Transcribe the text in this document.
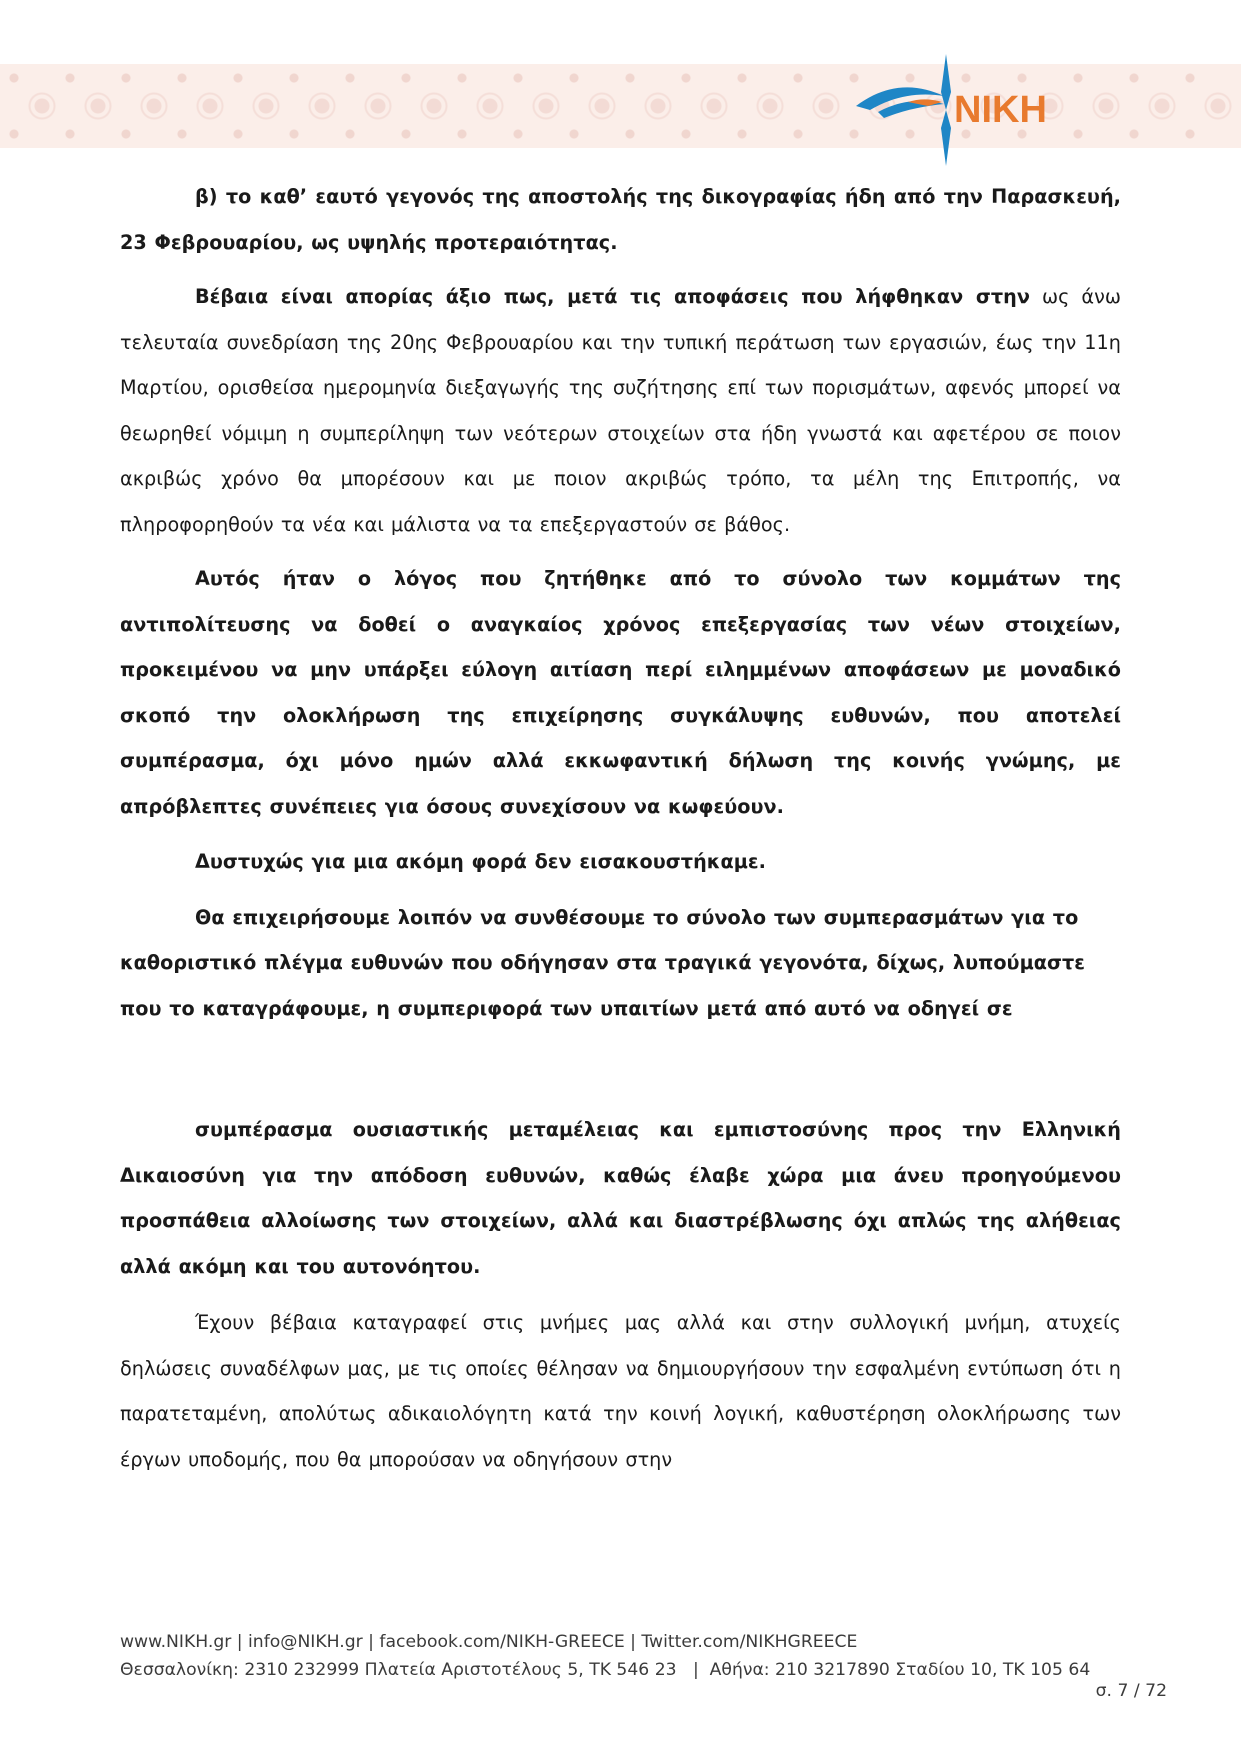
NIKH

β) το καθ’ εαυτό γεγονός της αποστολής της δικογραφίας ήδη από την Παρασκευή, 23 Φεβρουαρίου, ως υψηλής προτεραιότητας.

Βέβαια είναι απορίας άξιο πως, μετά τις αποφάσεις που λήφθηκαν στην ως άνω τελευταία συνεδρίαση της 20ης Φεβρουαρίου και την τυπική περάτωση των εργασιών, έως την 11η Μαρτίου, ορισθείσα ημερομηνία διεξαγωγής της συζήτησης επί των πορισμάτων, αφενός μπορεί να θεωρηθεί νόμιμη η συμπερίληψη των νεότερων στοιχείων στα ήδη γνωστά και αφετέρου σε ποιον ακριβώς χρόνο θα μπορέσουν και με ποιον ακριβώς τρόπο, τα μέλη της Επιτροπής, να πληροφορηθούν τα νέα και μάλιστα να τα επεξεργαστούν σε βάθος.

Αυτός ήταν ο λόγος που ζητήθηκε από το σύνολο των κομμάτων της αντιπολίτευσης να δοθεί ο αναγκαίος χρόνος επεξεργασίας των νέων στοιχείων, προκειμένου να μην υπάρξει εύλογη αιτίαση περί ειλημμένων αποφάσεων με μοναδικό σκοπό την ολοκλήρωση της επιχείρησης συγκάλυψης ευθυνών, που αποτελεί συμπέρασμα, όχι μόνο ημών αλλά εκκωφαντική δήλωση της κοινής γνώμης, με απρόβλεπτες συνέπειες για όσους συνεχίσουν να κωφεύουν.

Δυστυχώς για μια ακόμη φορά δεν εισακουστήκαμε.

Θα επιχειρήσουμε λοιπόν να συνθέσουμε το σύνολο των συμπερασμάτων για το καθοριστικό πλέγμα ευθυνών που οδήγησαν στα τραγικά γεγονότα, δίχως, λυπούμαστε που το καταγράφουμε, η συμπεριφορά των υπαιτίων μετά από αυτό να οδηγεί σε

συμπέρασμα ουσιαστικής μεταμέλειας και εμπιστοσύνης προς την Ελληνική Δικαιοσύνη για την απόδοση ευθυνών, καθώς έλαβε χώρα μια άνευ προηγούμενου προσπάθεια αλλοίωσης των στοιχείων, αλλά και διαστρέβλωσης όχι απλώς της αλήθειας αλλά ακόμη και του αυτονόητου.

Έχουν βέβαια καταγραφεί στις μνήμες μας αλλά και στην συλλογική μνήμη, ατυχείς δηλώσεις συναδέλφων μας, με τις οποίες θέλησαν να δημιουργήσουν την εσφαλμένη εντύπωση ότι η παρατεταμένη, απολύτως αδικαιολόγητη κατά την κοινή λογική, καθυστέρηση ολοκλήρωσης των έργων υποδομής, που θα μπορούσαν να οδηγήσουν στην

www.NIKH.gr | info@NIKH.gr | facebook.com/NIKH-GREECE | Twitter.com/NIKHGREECE
Θεσσαλονίκη: 2310 232999 Πλατεία Αριστοτέλους 5, ΤΚ 546 23   |  Αθήνα: 210 3217890 Σταδίου 10, ΤΚ 105 64
σ. 7 / 72
